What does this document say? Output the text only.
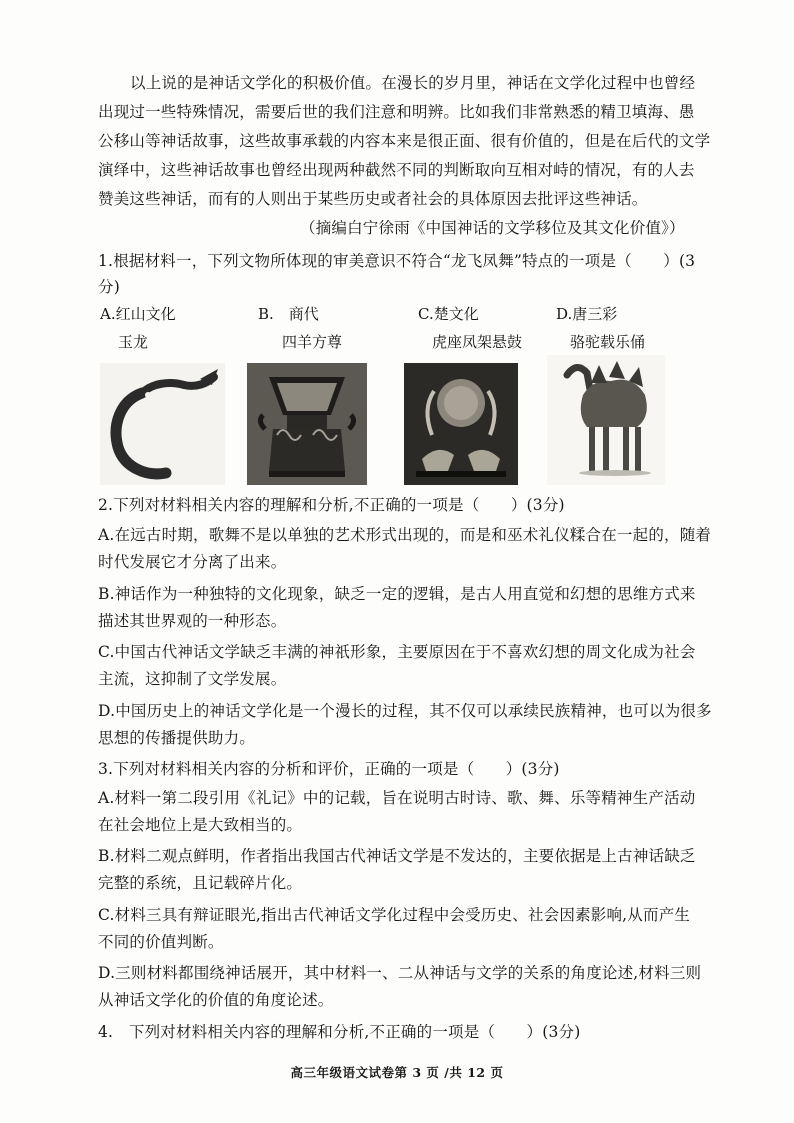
以上说的是神话文学化的积极价值。在漫长的岁月里，神话在文学化过程中也曾经
出现过一些特殊情况，需要后世的我们注意和明辨。比如我们非常熟悉的精卫填海、愚
公移山等神话故事，这些故事承载的内容本来是很正面、很有价值的，但是在后代的文学
演绎中，这些神话故事也曾经出现两种截然不同的判断取向互相对峙的情况，有的人去
赞美这些神话，而有的人则出于某些历史或者社会的具体原因去批评这些神话。
（摘编白宁徐雨《中国神话的文学移位及其文化价值》）
1.根据材料一，下列文物所体现的审美意识不符合“龙飞凤舞”特点的一项是（　　）(3
分)
A.红山文化
玉龙
B.　商代
四羊方尊
C.楚文化
虎座凤架悬鼓
D.唐三彩
骆驼载乐俑
2.下列对材料相关内容的理解和分析,不正确的一项是（　　）(3分)
A.在远古时期，歌舞不是以单独的艺术形式出现的，而是和巫术礼仪糅合在一起的，随着
时代发展它才分离了出来。
B.神话作为一种独特的文化现象，缺乏一定的逻辑，是古人用直觉和幻想的思维方式来
描述其世界观的一种形态。
C.中国古代神话文学缺乏丰满的神祇形象，主要原因在于不喜欢幻想的周文化成为社会
主流，这抑制了文学发展。
D.中国历史上的神话文学化是一个漫长的过程，其不仅可以承续民族精神，也可以为很多
思想的传播提供助力。
3.下列对材料相关内容的分析和评价，正确的一项是（　　）(3分)
A.材料一第二段引用《礼记》中的记载，旨在说明古时诗、歌、舞、乐等精神生产活动
在社会地位上是大致相当的。
B.材料二观点鲜明，作者指出我国古代神话文学是不发达的，主要依据是上古神话缺乏
完整的系统，且记载碎片化。
C.材料三具有辩证眼光,指出古代神话文学化过程中会受历史、社会因素影响,从而产生
不同的价值判断。
D.三则材料都围绕神话展开，其中材料一、二从神话与文学的关系的角度论述,材料三则
从神话文学化的价值的角度论述。
4.　下列对材料相关内容的理解和分析,不正确的一项是（　　）(3分)
高三年级语文试卷第 3 页 /共 12 页
